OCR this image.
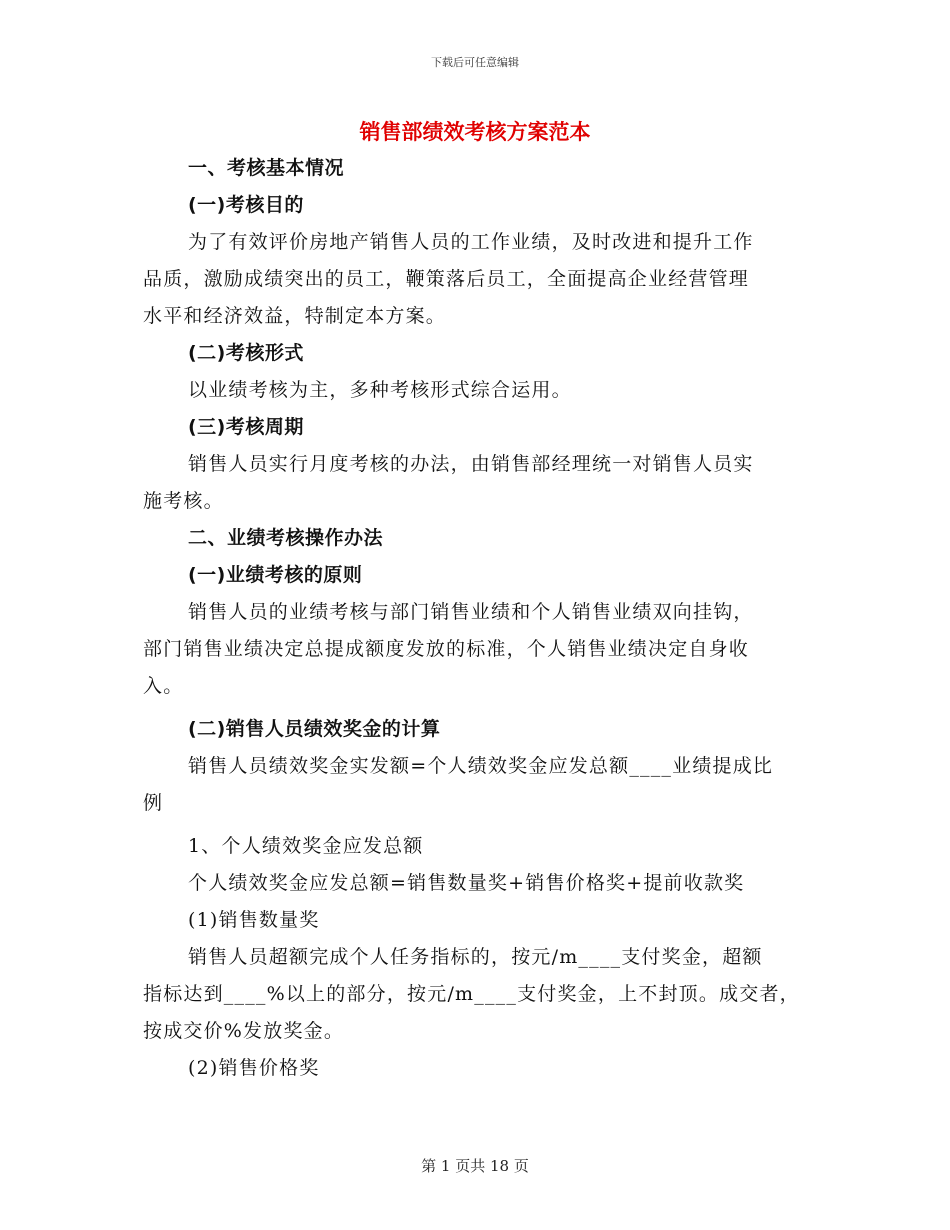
下载后可任意编辑
销售部绩效考核方案范本
一、考核基本情况
(一)考核目的
为了有效评价房地产销售人员的工作业绩，及时改进和提升工作
品质，激励成绩突出的员工，鞭策落后员工，全面提高企业经营管理
水平和经济效益，特制定本方案。
(二)考核形式
以业绩考核为主，多种考核形式综合运用。
(三)考核周期
销售人员实行月度考核的办法，由销售部经理统一对销售人员实
施考核。
二、业绩考核操作办法
(一)业绩考核的原则
销售人员的业绩考核与部门销售业绩和个人销售业绩双向挂钩，
部门销售业绩决定总提成额度发放的标准，个人销售业绩决定自身收
入。
(二)销售人员绩效奖金的计算
销售人员绩效奖金实发额=个人绩效奖金应发总额____业绩提成比
例
1、个人绩效奖金应发总额
个人绩效奖金应发总额=销售数量奖+销售价格奖+提前收款奖
(1)销售数量奖
销售人员超额完成个人任务指标的，按元/m____支付奖金，超额
指标达到____%以上的部分，按元/m____支付奖金，上不封顶。成交者，
按成交价%发放奖金。
(2)销售价格奖
第 1 页共 18 页
